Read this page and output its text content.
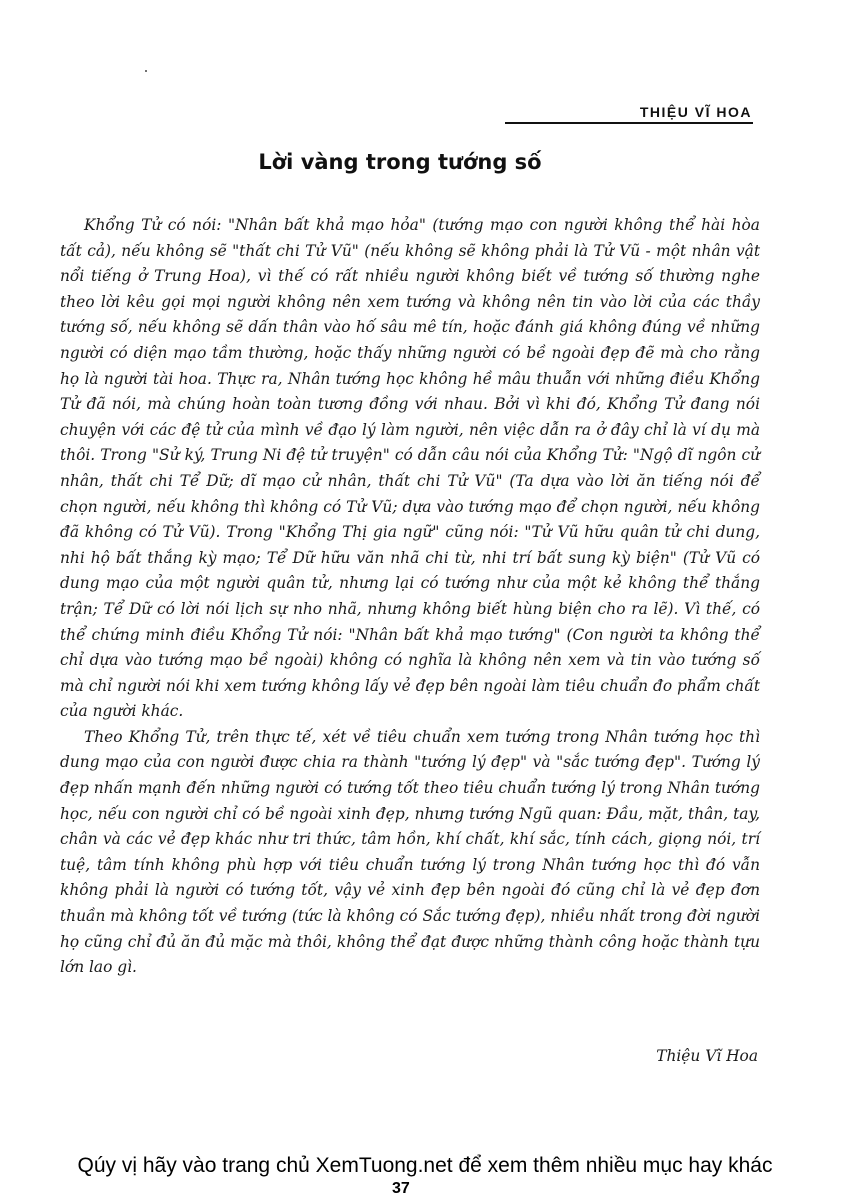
THIỆU VĨ HOA
Lời vàng trong tướng số

Khổng Tử có nói: "Nhân bất khả mạo hỏa" (tướng mạo con người không thể hài hòa tất cả), nếu không sẽ "thất chi Tử Vũ" (nếu không sẽ không phải là Tử Vũ - một nhân vật nổi tiếng ở Trung Hoa), vì thế có rất nhiều người không biết về tướng số thường nghe theo lời kêu gọi mọi người không nên xem tướng và không nên tin vào lời của các thầy tướng số, nếu không sẽ dấn thân vào hố sâu mê tín, hoặc đánh giá không đúng về những người có diện mạo tầm thường, hoặc thấy những người có bề ngoài đẹp đẽ mà cho rằng họ là người tài hoa. Thực ra, Nhân tướng học không hề mâu thuẫn với những điều Khổng Tử đã nói, mà chúng hoàn toàn tương đồng với nhau. Bởi vì khi đó, Khổng Tử đang nói chuyện với các đệ tử của mình về đạo lý làm người, nên việc dẫn ra ở đây chỉ là ví dụ mà thôi. Trong "Sử ký, Trung Ni đệ tử truyện" có dẫn câu nói của Khổng Tử: "Ngộ dĩ ngôn cử nhân, thất chi Tể Dữ; dĩ mạo cử nhân, thất chi Tử Vũ" (Ta dựa vào lời ăn tiếng nói để chọn người, nếu không thì không có Tử Vũ; dựa vào tướng mạo để chọn người, nếu không đã không có Tử Vũ). Trong "Khổng Thị gia ngữ" cũng nói: "Tử Vũ hữu quân tử chi dung, nhi hộ bất thắng kỳ mạo; Tể Dữ hữu văn nhã chi từ, nhi trí bất sung kỳ biện" (Tử Vũ có dung mạo của một người quân tử, nhưng lại có tướng như của một kẻ không thể thắng trận; Tể Dữ có lời nói lịch sự nho nhã, nhưng không biết hùng biện cho ra lẽ). Vì thế, có thể chứng minh điều Khổng Tử nói: "Nhân bất khả mạo tướng" (Con người ta không thể chỉ dựa vào tướng mạo bề ngoài) không có nghĩa là không nên xem và tin vào tướng số mà chỉ người nói khi xem tướng không lấy vẻ đẹp bên ngoài làm tiêu chuẩn đo phẩm chất của người khác.

Theo Khổng Tử, trên thực tế, xét về tiêu chuẩn xem tướng trong Nhân tướng học thì dung mạo của con người được chia ra thành "tướng lý đẹp" và "sắc tướng đẹp". Tướng lý đẹp nhấn mạnh đến những người có tướng tốt theo tiêu chuẩn tướng lý trong Nhân tướng học, nếu con người chỉ có bề ngoài xinh đẹp, nhưng tướng Ngũ quan: Đầu, mặt, thân, tay, chân và các vẻ đẹp khác như tri thức, tâm hồn, khí chất, khí sắc, tính cách, giọng nói, trí tuệ, tâm tính không phù hợp với tiêu chuẩn tướng lý trong Nhân tướng học thì đó vẫn không phải là người có tướng tốt, vậy vẻ xinh đẹp bên ngoài đó cũng chỉ là vẻ đẹp đơn thuần mà không tốt về tướng (tức là không có Sắc tướng đẹp), nhiều nhất trong đời người họ cũng chỉ đủ ăn đủ mặc mà thôi, không thể đạt được những thành công hoặc thành tựu lớn lao gì.

Thiệu Vĩ Hoa
Qúy vị hãy vào trang chủ XemTuong.net để xem thêm nhiều mục hay khác
37
